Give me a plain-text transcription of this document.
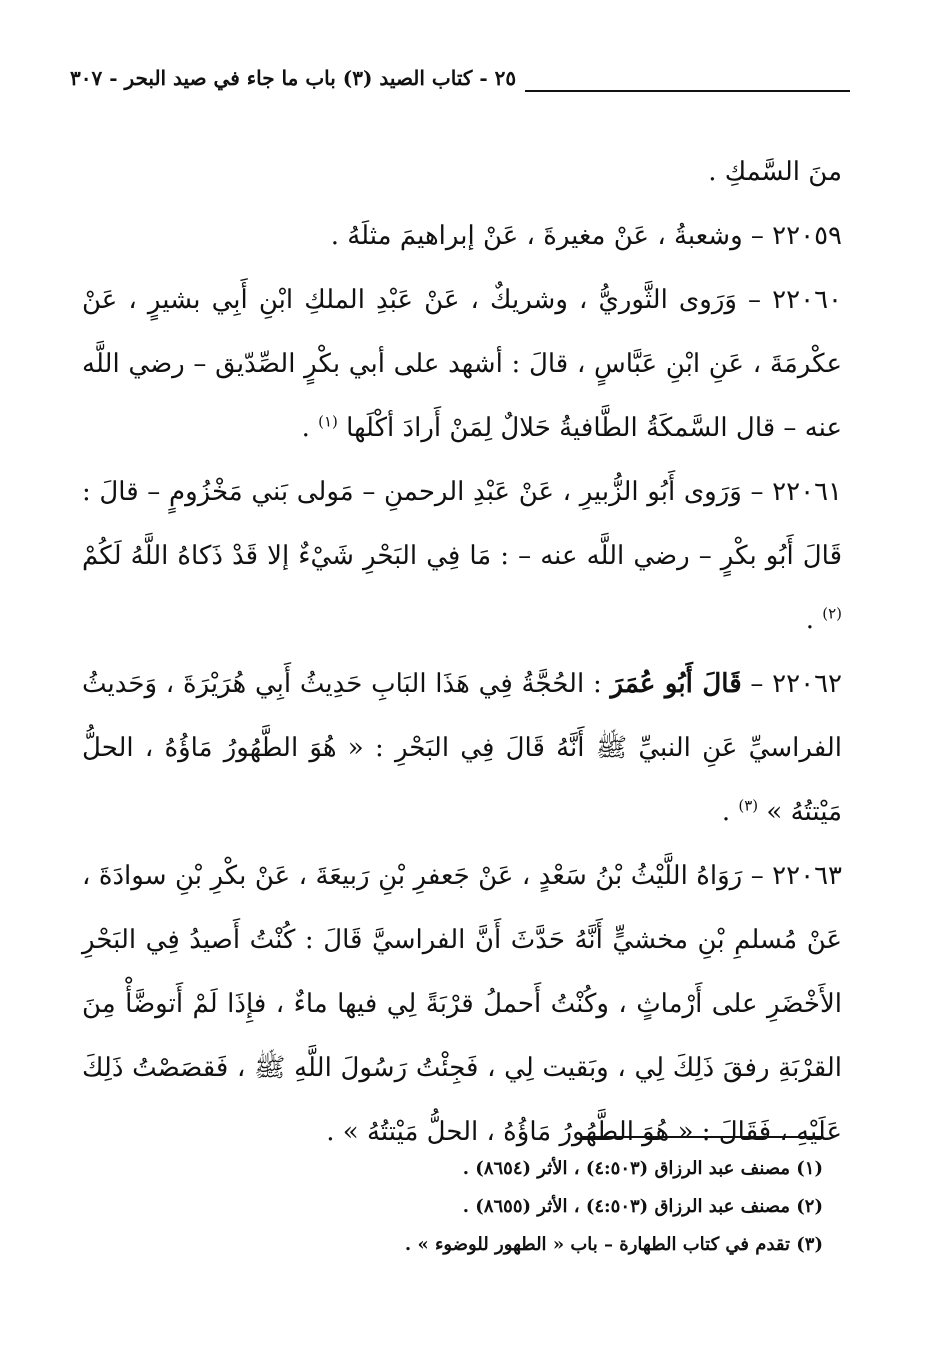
٢٥ - كتاب الصيد (٣) باب ما جاء في صيد البحر - ٣٠٧

منَ السَّمكِ .

٢٢٠٥٩ – وشعبةُ ، عَنْ مغيرةَ ، عَنْ إبراهيمَ مثلَهُ .

٢٢٠٦٠ – وَرَوى الثَّوريُّ ، وشريكٌ ، عَنْ عَبْدِ الملكِ ابْنِ أَبِي بشيرٍ ، عَنْ عكْرمَةَ ، عَنِ ابْنِ عَبَّاسٍ ، قالَ : أشهد على أبي بكْرٍ الصِّدّيق – رضي اللَّه عنه – قال السَّمكَةُ الطَّافيةُ حَلالٌ لِمَنْ أَرادَ أكْلَها $^{(١)}$ .

٢٢٠٦١ – وَرَوى أَبُو الزُّبيرِ ، عَنْ عَبْدِ الرحمنِ – مَولى بَني مَخْزُومٍ – قالَ : قَالَ أَبُو بكْرٍ – رضي اللَّه عنه – : مَا فِي البَحْرِ شَيْءٌ إلا قَدْ ذَكاهُ اللَّهُ لَكُمْ $^{(٢)}$ .

٢٢٠٦٢ – قَالَ أَبُو عُمَرَ : الحُجَّةُ فِي هَذَا البَابِ حَدِيثُ أَبِي هُرَيْرَةَ ، وَحَديثُ الفراسيِّ عَنِ النبيِّ ﷺ أَنَّهُ قَالَ فِي البَحْرِ : « هُوَ الطَّهُورُ مَاؤُهُ ، الحلُّ مَيْتتُهُ » $^{(٣)}$ .

٢٢٠٦٣ – رَوَاهُ اللَّيْثُ بْنُ سَعْدٍ ، عَنْ جَعفرِ بْنِ رَبيعَةَ ، عَنْ بكْرِ بْنِ سوادَةَ ، عَنْ مُسلمِ بْنِ مخشيٍّ أَنَّهُ حَدَّثَ أَنَّ الفراسيَّ قَالَ : كُنْتُ أَصيدُ فِي البَحْرِ الأَخْضَرِ على أَرْماثٍ ، وكُنْتُ أَحملُ قرْبَةً لِي فيها ماءٌ ، فإِذَا لَمْ أَتوضَّأْ مِنَ القرْبَةِ رفقَ ذَلِكَ لِي ، وبَقيت لِي ، فَجِئْتُ رَسُولَ اللَّهِ ﷺ ، فَقصَصْتُ ذَلِكَ عَلَيْهِ ، فَقَالَ : « هُوَ الطَّهُورُ مَاؤُهُ ، الحلُّ مَيْتتُهُ » .

(١) مصنف عبد الرزاق (٤:٥٠٣) ، الأثر (٨٦٥٤) .

(٢) مصنف عبد الرزاق (٤:٥٠٣) ، الأثر (٨٦٥٥) .

(٣) تقدم في كتاب الطهارة – باب « الطهور للوضوء » .
